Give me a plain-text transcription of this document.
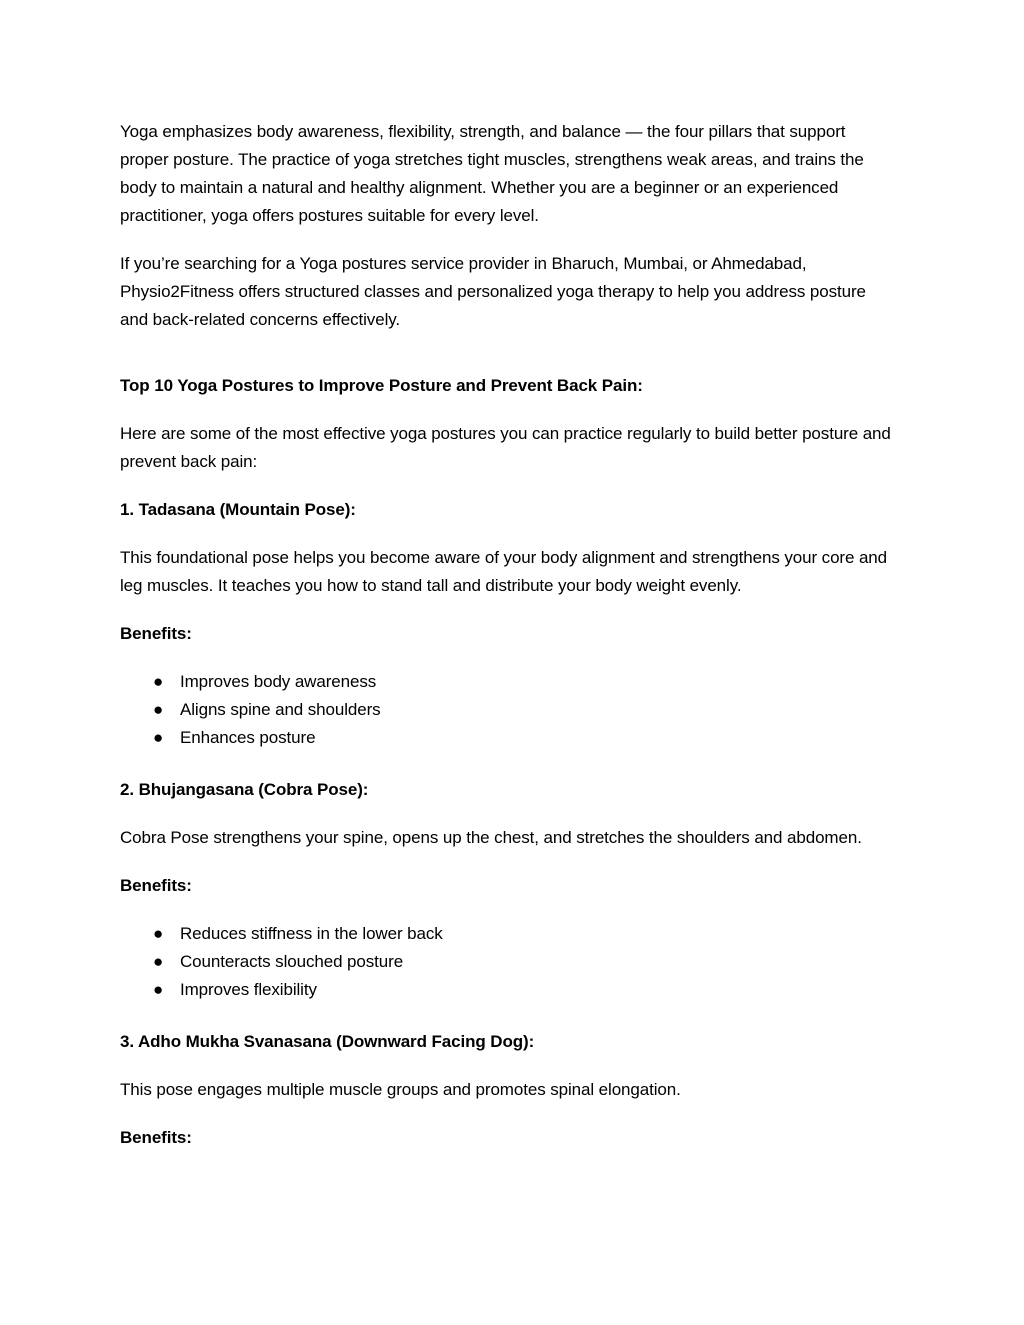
Yoga emphasizes body awareness, flexibility, strength, and balance — the four pillars that support proper posture. The practice of yoga stretches tight muscles, strengthens weak areas, and trains the body to maintain a natural and healthy alignment. Whether you are a beginner or an experienced practitioner, yoga offers postures suitable for every level.

If you’re searching for a Yoga postures service provider in Bharuch, Mumbai, or Ahmedabad, Physio2Fitness offers structured classes and personalized yoga therapy to help you address posture and back-related concerns effectively.

Top 10 Yoga Postures to Improve Posture and Prevent Back Pain:

Here are some of the most effective yoga postures you can practice regularly to build better posture and prevent back pain:

1. Tadasana (Mountain Pose):

This foundational pose helps you become aware of your body alignment and strengthens your core and leg muscles. It teaches you how to stand tall and distribute your body weight evenly.

Benefits:

● Improves body awareness
● Aligns spine and shoulders
● Enhances posture

2. Bhujangasana (Cobra Pose):

Cobra Pose strengthens your spine, opens up the chest, and stretches the shoulders and abdomen.

Benefits:

● Reduces stiffness in the lower back
● Counteracts slouched posture
● Improves flexibility

3. Adho Mukha Svanasana (Downward Facing Dog):

This pose engages multiple muscle groups and promotes spinal elongation.

Benefits:
